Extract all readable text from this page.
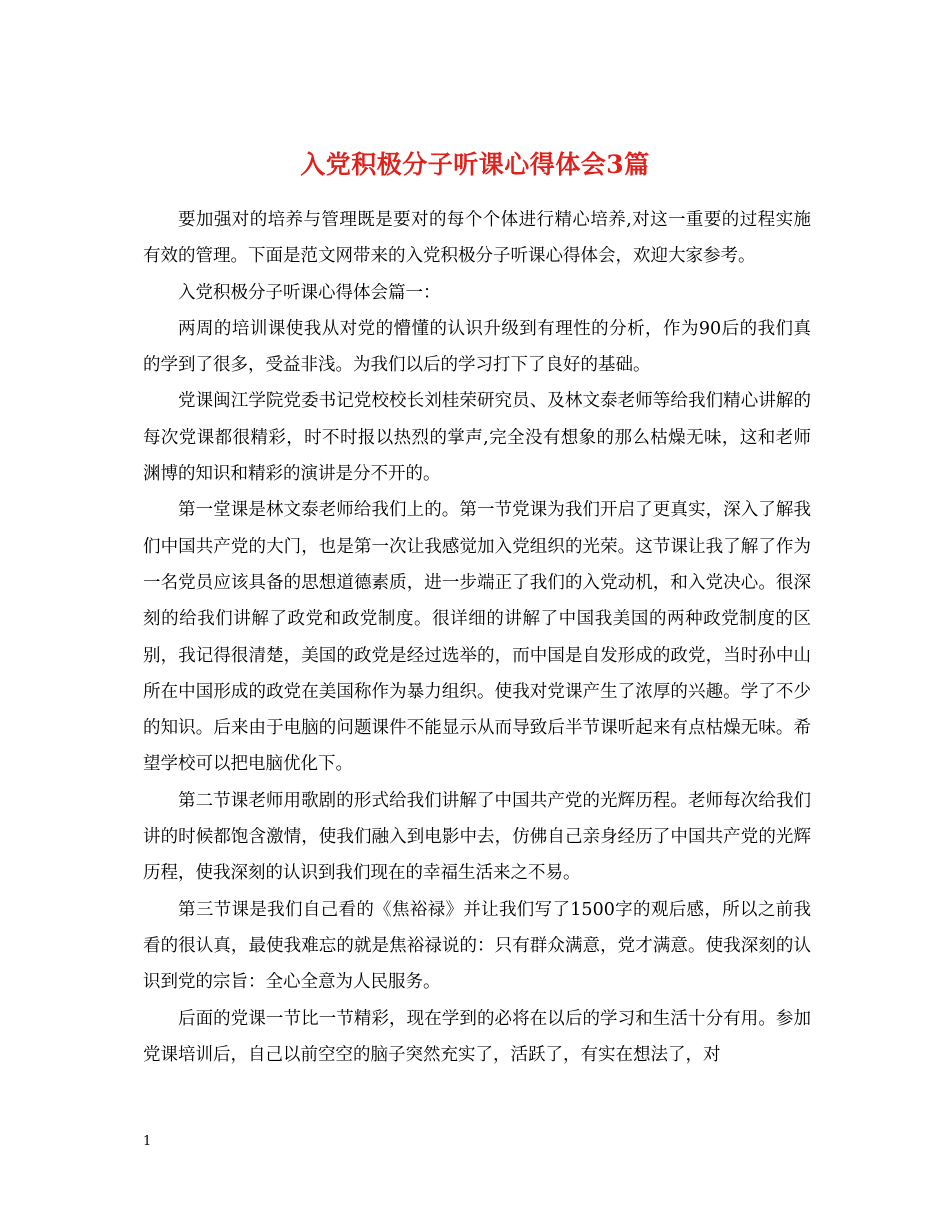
入党积极分子听课心得体会3篇

要加强对的培养与管理既是要对的每个个体进行精心培养,对这一重要的过程实施有效的管理。下面是范文网带来的入党积极分子听课心得体会，欢迎大家参考。

入党积极分子听课心得体会篇一：

两周的培训课使我从对党的懵懂的认识升级到有理性的分析，作为90后的我们真的学到了很多，受益非浅。为我们以后的学习打下了良好的基础。

党课闽江学院党委书记党校校长刘桂荣研究员、及林文泰老师等给我们精心讲解的每次党课都很精彩，时不时报以热烈的掌声,完全没有想象的那么枯燥无味，这和老师渊博的知识和精彩的演讲是分不开的。

第一堂课是林文泰老师给我们上的。第一节党课为我们开启了更真实，深入了解我们中国共产党的大门，也是第一次让我感觉加入党组织的光荣。这节课让我了解了作为一名党员应该具备的思想道德素质，进一步端正了我们的入党动机，和入党决心。很深刻的给我们讲解了政党和政党制度。很详细的讲解了中国我美国的两种政党制度的区别，我记得很清楚，美国的政党是经过选举的，而中国是自发形成的政党，当时孙中山所在中国形成的政党在美国称作为暴力组织。使我对党课产生了浓厚的兴趣。学了不少的知识。后来由于电脑的问题课件不能显示从而导致后半节课听起来有点枯燥无味。希望学校可以把电脑优化下。

第二节课老师用歌剧的形式给我们讲解了中国共产党的光辉历程。老师每次给我们讲的时候都饱含激情，使我们融入到电影中去，仿佛自己亲身经历了中国共产党的光辉历程，使我深刻的认识到我们现在的幸福生活来之不易。

第三节课是我们自己看的《焦裕禄》并让我们写了1500字的观后感，所以之前我看的很认真，最使我难忘的就是焦裕禄说的：只有群众满意，党才满意。使我深刻的认识到党的宗旨：全心全意为人民服务。

后面的党课一节比一节精彩，现在学到的必将在以后的学习和生活十分有用。参加党课培训后，自己以前空空的脑子突然充实了，活跃了，有实在想法了，对

1
